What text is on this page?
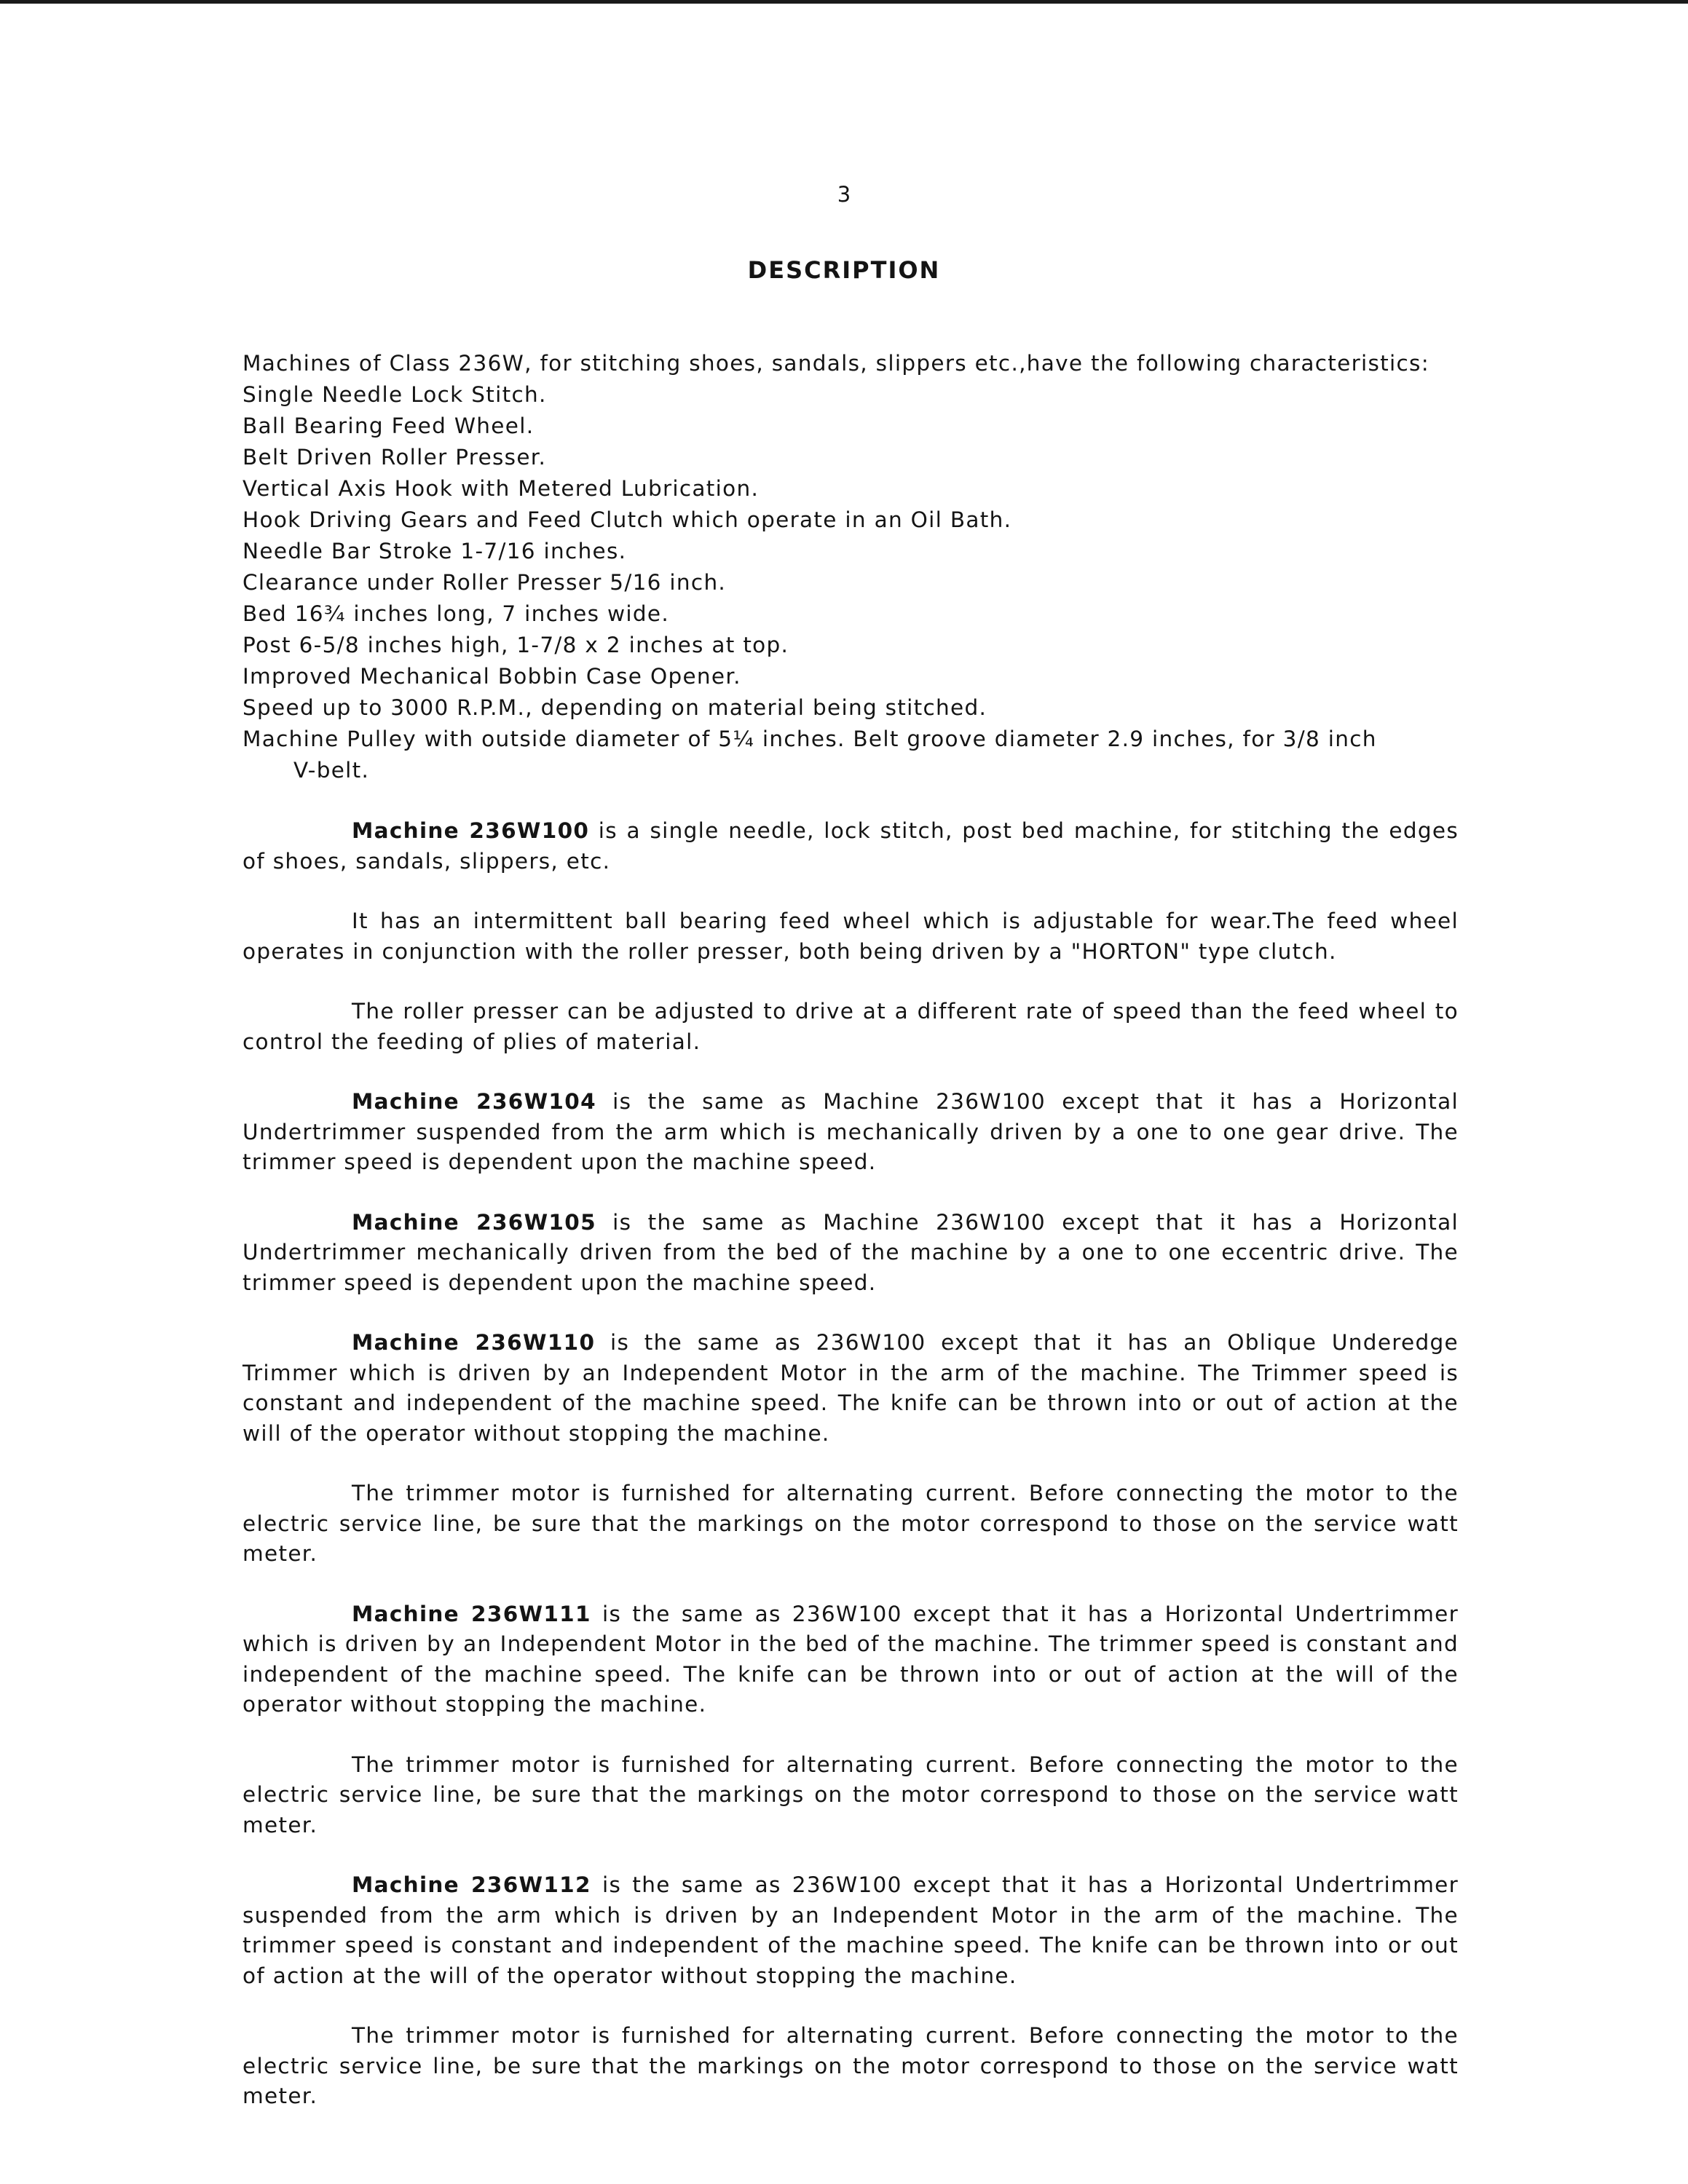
3
DESCRIPTION
Machines of Class 236W, for stitching shoes, sandals, slippers etc.,have the following characteristics:
Single Needle Lock Stitch.
Ball Bearing Feed Wheel.
Belt Driven Roller Presser.
Vertical Axis Hook with Metered Lubrication.
Hook Driving Gears and Feed Clutch which operate in an Oil Bath.
Needle Bar Stroke 1-7/16 inches.
Clearance under Roller Presser 5/16 inch.
Bed 16¾ inches long, 7 inches wide.
Post 6-5/8 inches high, 1-7/8 x 2 inches at top.
Improved Mechanical Bobbin Case Opener.
Speed up to 3000 R.P.M., depending on material being stitched.
Machine Pulley with outside diameter of 5¼ inches. Belt groove diameter 2.9 inches, for 3/8 inch
V-belt.

Machine 236W100 is a single needle, lock stitch, post bed machine, for stitching the edges of shoes, sandals, slippers, etc.

It has an intermittent ball bearing feed wheel which is adjustable for wear.The feed wheel operates in conjunction with the roller presser, both being driven by a "HORTON" type clutch.

The roller presser can be adjusted to drive at a different rate of speed than the feed wheel to control the feeding of plies of material.

Machine 236W104 is the same as Machine 236W100 except that it has a Horizontal Undertrimmer suspended from the arm which is mechanically driven by a one to one gear drive. The trimmer speed is dependent upon the machine speed.

Machine 236W105 is the same as Machine 236W100 except that it has a Horizontal Undertrimmer mechanically driven from the bed of the machine by a one to one eccentric drive. The trimmer speed is dependent upon the machine speed.

Machine 236W110 is the same as 236W100 except that it has an Oblique Underedge Trimmer which is driven by an Independent Motor in the arm of the machine. The Trimmer speed is constant and independent of the machine speed. The knife can be thrown into or out of action at the will of the operator without stopping the machine.

The trimmer motor is furnished for alternating current. Before connecting the motor to the electric service line, be sure that the markings on the motor correspond to those on the service watt meter.

Machine 236W111 is the same as 236W100 except that it has a Horizontal Undertrimmer which is driven by an Independent Motor in the bed of the machine. The trimmer speed is constant and independent of the machine speed. The knife can be thrown into or out of action at the will of the operator without stopping the machine.

The trimmer motor is furnished for alternating current. Before connecting the motor to the electric service line, be sure that the markings on the motor correspond to those on the service watt meter.

Machine 236W112 is the same as 236W100 except that it has a Horizontal Undertrimmer suspended from the arm which is driven by an Independent Motor in the arm of the machine. The trimmer speed is constant and independent of the machine speed. The knife can be thrown into or out of action at the will of the operator without stopping the machine.

The trimmer motor is furnished for alternating current. Before connecting the motor to the electric service line, be sure that the markings on the motor correspond to those on the service watt meter.
